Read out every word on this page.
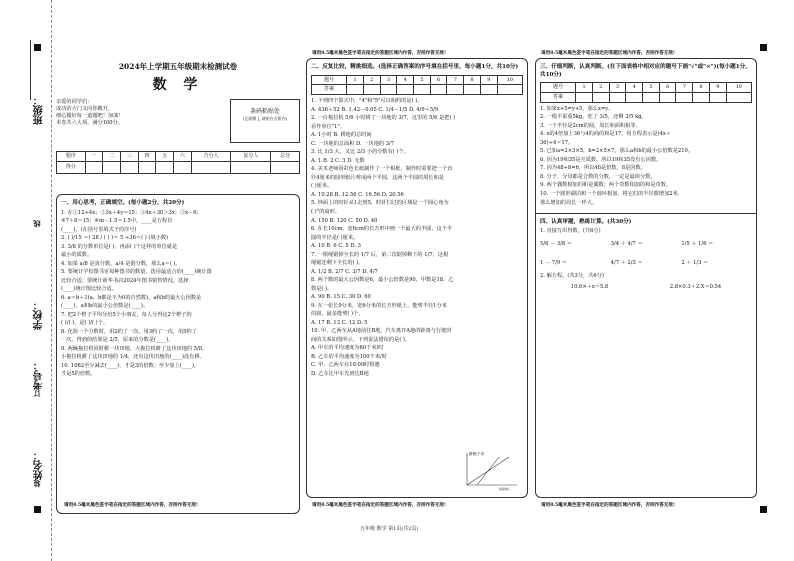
班级：
线
学校：
考号：
订
姓名：
装
2024年上学期五年级期末检测试卷
数 学
亲爱的同学们：
成功的大门又向你敞开，
细心做好每一道题吧！加油！
本卷共六大项，满分100分。
条码粘贴处
(正面朝上,请贴在方框内)
题序	一	二	三	四	五	六	合分人	复分人	总分
得分									
一、用心思考，正确填空。(每小题2分，共20分)
1. 在①12÷4x；②3x＋4y＝15；③4x＋30＞3x；⑤x－6；
⑤7＋8＝15；⑥m－1.5＝1.5中，____是方程有
(____)。(在括号里填式子的序号)
2. ( )/15 ＝( 28 / ( ) )＝ 5 ÷36＝( ) (填小数)
3. 3/8 的分数单位是( )，再添( )个这样的单位就是
最小的质数。
4. 如果 a/8 是真分数，a/4 是假分数，那么a＝( )。
5. 要统计学校图书室每种图书的数量，选用最适合的(____)统计图
比较合适；要统计新华书店2024年图书销售情况，选择
(____)统计图比较合适。
6. a＝b＋1(a、b都是不为0的自然数)，a和b的最大公因数是
(____)，a和b的最小公倍数是(____)。
7. 把2个橙子平均分给5个小朋友，每人分得这2个橙子的
( )/( )，是( )/( )个。
8. 化简一个分数时，用2约了一次，用3约了一次，用5约了
一次，得到的结果是 2/5，原来的分数是(____)。
9. 两辆拖拉机同时耕一块田地，大拖拉机耕了这块田地的 5/8，
小拖拉机耕了这块田地的 1/4，还有这块田地的(____)没有耕。
10. 1082至少减去(____)，才是3的倍数；至少加上(____)，
才是5的倍数。
请用0.5毫米黑色签字笔在指定的答题区域内作答，否则作答无效!
请用0.5毫米黑色签字笔在指定的答题区域内作答，否则作答无效!
二、反复比较，精挑细选。(选择正确答案的序号填在括号里，每小题1分，共10分)
题号	1	2	3	4	5	6	7	8	9	10
答案										
1. 下列四个算式中，"4"和"5"可以相约的是( )。
A. 436＋52 B. 1.42－0.05 C. 1/4－1/5 D. 4/9＋5/9
2. 一台拖拉机 5/6 小时耕了一块地的 3/7，这里的 5/6 是把( )
看作单位"1"。
A. 1小时 B. 耕地的总时间
C. 一块地的总面积 D. 一块地的 3/7
3. 比 1/3 大，又比 2/3 小的分数有( )个。
A. 1 B. 2 C. 3 D. 无数
4. 美术老师用彩色长纸制作了一个相框，制作时需要把一个直
径4厘米的圆形纸片剪成两个半圆，这两个半圆的周长和是
( )厘米。
A. 10.28 B. 12.56 C. 16.56 D. 20.56
5. 钟面上的时针从1走到5，时针扫过的区域是一个圆心角为
( )°的扇形。
A. 150 B. 120 C. 50 D. 40
6. 在长10cm，宽6cm的长方形中画一个最大的半圆，这个半
圆的半径是( )厘米。
A. 10 B. 6 C. 5 D. 3
7. 一根绳锯掉全长的 1/7 后，第二次锯掉剩下的 1/7，这根
绳锯还剩下全长的( )。
A. 1/2 B. 2/7 C. 3/7 D. 4/7
8. 两个数的最大公因数是6，最小公倍数是90，甲数是18，乙
数是( )。
A. 90 B. 15 C. 30 D. 60
9. 在一张长9分米，宽6分米的长方形纸上，能剪半径1分米
的圆，最多能剪( )个。
A. 17 B. 13 C. 12 D. 5
10. 甲、乙两车从A地前往B地，汽车离开A地的距离与行驶时
间的关系如图所示，下列说法错误的是( )。
A. 甲车的平均速度为60千米/时
B. 乙车的平均速度为100千米/时
C. 甲、乙两车在10:00时相遇
D. 乙车比甲车先到达B地
路程/千米
时间/时
请用0.5毫米黑色签字笔在指定的答题区域内作答，否则作答无效!
请用0.5毫米黑色签字笔在指定的答题区域内作答，否则作答无效!
三、仔细判断，认真判断。(在下面表格中相对应的题号下画"√"或"×")(每小题1分，共10分)
题号	1	2	3	4	5	6	7	8	9	10
答案										
1. 如果x+5=y+5，那么x=y。
2. 一根平果重5kg，吃了 3/5，还剩 3/5 kg。
3. 一个半径是2cm的圆，周长和面积相等。
4. x的4倍加上36与4的商的和是17，用方程表示是(4x＋
36)÷4＝17。
5. 已知a=2×3×5，b=2×5×7，那么a和b的最小公倍数是210。
6. 因为19和35是互质数，所以19和35没有公因数。
7. 因为48÷8=6，所以48是倍数，8是因数。
8. 分子、分母都是合数的分数，一定是最简分数。
9. 两个偶数相加的和是偶数；两个奇数相加的和是奇数。
10. 一个圆形湖泊和一个圆环相加，将它们的半径都增加2米，
那么增加的周长一样大。
四、认真审题，熟练计算。(共30分)
1. 直接写出得数。(共6分)
5/8 － 3/8 ＝	3/4 ＋ 4/7 ＝	1/5 ＋ 1/6 ＝
1 － 7/9 ＝	4/7 ＋ 2/3 ＝	2 ＋ 1/3 ＝
2. 解方程。(共3分，共6分)
10.6×＋x＝5.8	2.8×0.3＋2.X＝0.54
请用0.5毫米黑色签字笔在指定的答题区域内作答，否则作答无效!
五年级 数学 第1页(共2页)
